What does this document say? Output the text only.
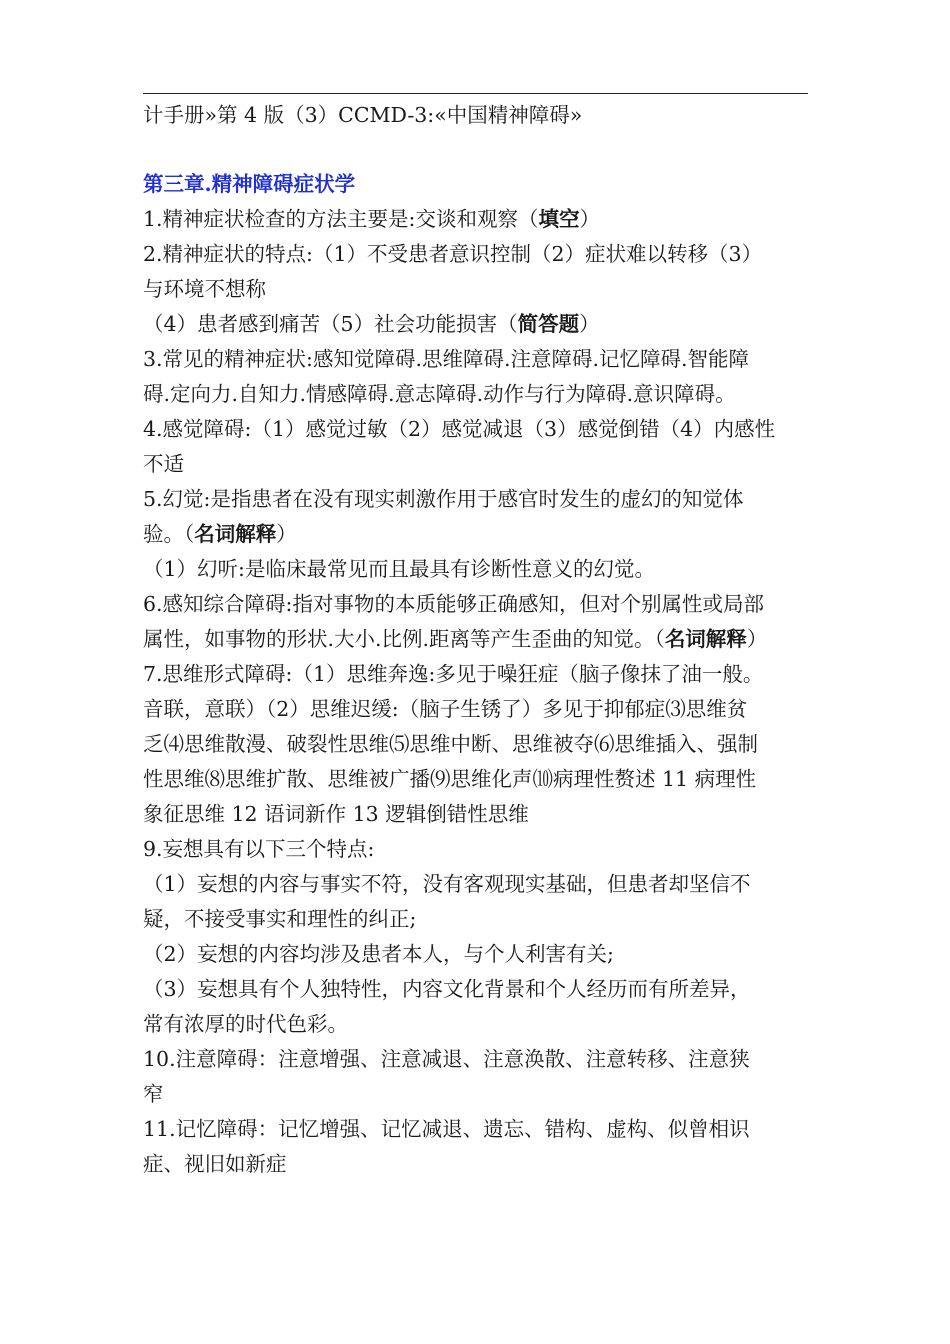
计手册»第 4 版（3）CCMD-3:«中国精神障碍»
第三章.精神障碍症状学
1.精神症状检查的方法主要是:交谈和观察（填空）
2.精神症状的特点:（1）不受患者意识控制（2）症状难以转移（3）
与环境不想称
（4）患者感到痛苦（5）社会功能损害（简答题）
3.常见的精神症状:感知觉障碍.思维障碍.注意障碍.记忆障碍.智能障
碍.定向力.自知力.情感障碍.意志障碍.动作与行为障碍.意识障碍。
4.感觉障碍:（1）感觉过敏（2）感觉减退（3）感觉倒错（4）内感性
不适
5.幻觉:是指患者在没有现实刺激作用于感官时发生的虚幻的知觉体
验。（名词解释）
（1）幻听:是临床最常见而且最具有诊断性意义的幻觉。
6.感知综合障碍:指对事物的本质能够正确感知，但对个别属性或局部
属性，如事物的形状.大小.比例.距离等产生歪曲的知觉。（名词解释）
7.思维形式障碍:（1）思维奔逸:多见于噪狂症（脑子像抹了油一般。
音联，意联）（2）思维迟缓:（脑子生锈了）多见于抑郁症⑶思维贫
乏⑷思维散漫、破裂性思维⑸思维中断、思维被夺⑹思维插入、强制
性思维⑻思维扩散、思维被广播⑼思维化声⑽病理性赘述 11 病理性
象征思维 12 语词新作 13 逻辑倒错性思维
9.妄想具有以下三个特点:
（1）妄想的内容与事实不符，没有客观现实基础，但患者却坚信不
疑，不接受事实和理性的纠正;
（2）妄想的内容均涉及患者本人，与个人利害有关;
（3）妄想具有个人独特性，内容文化背景和个人经历而有所差异，
常有浓厚的时代色彩。
10.注意障碍：注意增强、注意减退、注意涣散、注意转移、注意狭
窄
11.记忆障碍：记忆增强、记忆减退、遗忘、错构、虚构、似曾相识
症、视旧如新症
